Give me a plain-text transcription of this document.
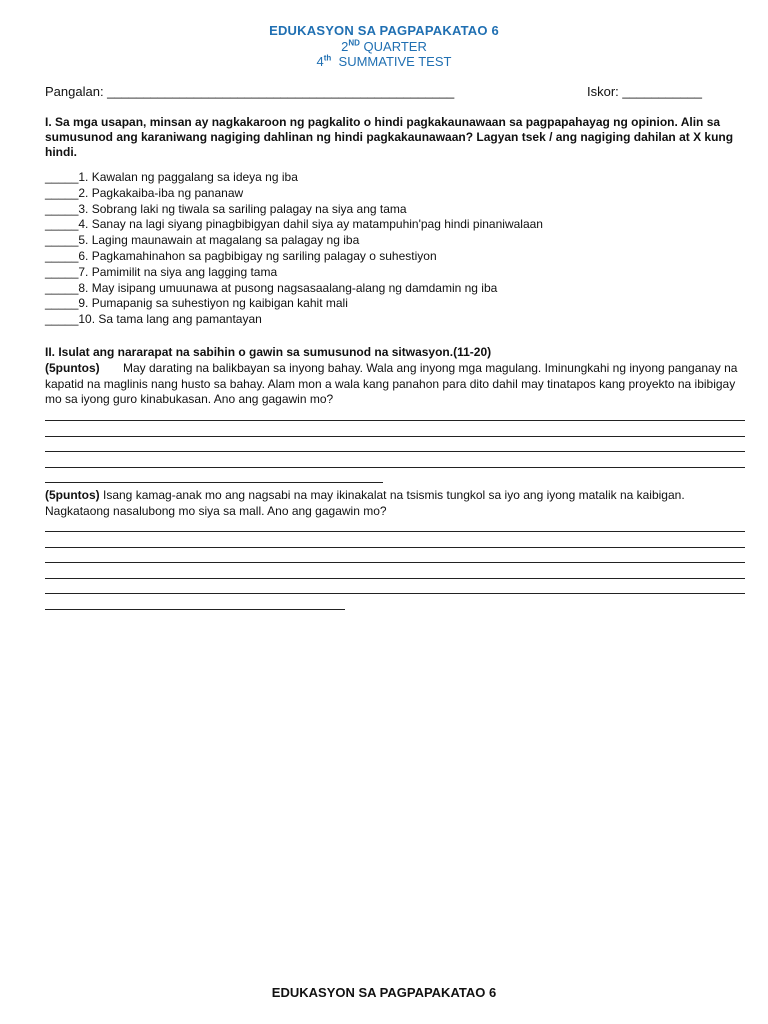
EDUKASYON SA PAGPAPAKATAO 6
2ND QUARTER
4th  SUMMATIVE TEST
Pangalan: ________________________________________________	Iskor: ___________
I. Sa mga usapan, minsan ay nagkakaroon ng pagkalito o hindi pagkakaunawaan sa pagpapahayag ng opinion. Alin sa sumusunod ang karaniwang nagiging dahlinan ng hindi pagkakaunawaan? Lagyan tsek / ang nagiging dahilan at X kung hindi.
_____1. Kawalan ng paggalang sa ideya ng iba
_____2. Pagkakaiba-iba ng pananaw
_____3. Sobrang laki ng tiwala sa sariling palagay na siya ang tama
_____4. Sanay na lagi siyang pinagbibigyan dahil siya ay matampuhin'pag hindi pinaniwalaan
_____5. Laging maunawain at magalang sa palagay ng iba
_____6. Pagkamahinahon sa pagbibigay ng sariling palagay o suhestiyon
_____7. Pamimilit na siya ang lagging tama
_____8. May isipang umuunawa at pusong nagsasaalang-alang ng damdamin ng iba
_____9. Pumapanig sa suhestiyon ng kaibigan kahit mali
_____10. Sa tama lang ang pamantayan
II. Isulat ang nararapat na sabihin o gawin sa sumusunod na sitwasyon.(11-20)
(5puntos) May darating na balikbayan sa inyong bahay. Wala ang inyong mga magulang. Iminungkahi ng inyong panganay na kapatid na maglinis nang husto sa bahay. Alam mon a wala kang panahon para dito dahil may tinatapos kang proyekto na ibibigay mo sa iyong guro kinabukasan. Ano ang gagawin mo?
(5puntos) Isang kamag-anak mo ang nagsabi na may ikinakalat na tsismis tungkol sa iyo ang iyong matalik na kaibigan. Nagkataong nasalubong mo siya sa mall. Ano ang gagawin mo?
EDUKASYON SA PAGPAPAKATAO 6
